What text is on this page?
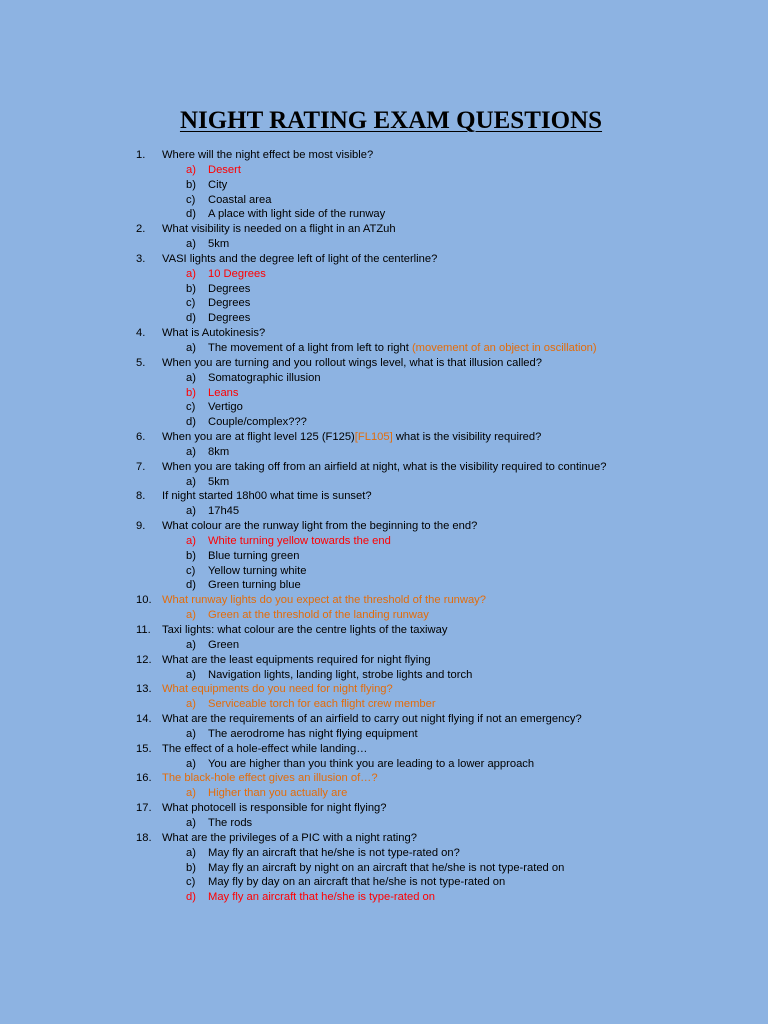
NIGHT RATING EXAM QUESTIONS
1.	Where will the night effect be most visible?
a) Desert
b) City
c) Coastal area
d) A place with light side of the runway
2.	What visibility is needed on a flight in an ATZuh
a) 5km
3.	VASI lights and the degree left of light of the centerline?
a) 10 Degrees
b) Degrees
c) Degrees
d) Degrees
4.	What is Autokinesis?
a) The movement of a light from left to right (movement of an object in oscillation)
5.	When you are turning and you rollout wings level, what is that illusion called?
a) Somatographic illusion
b) Leans
c) Vertigo
d) Couple/complex???
6.	When you are at flight level 125 (F125)[FL105] what is the visibility required?
a) 8km
7.	When you are taking off from an airfield at night, what is the visibility required to continue?
a) 5km
8.	If night started 18h00 what time is sunset?
a) 17h45
9.	What colour are the runway light from the beginning to the end?
a) White turning yellow towards the end
b) Blue turning green
c) Yellow turning white
d) Green turning blue
10. What runway lights do you expect at the threshold of the runway?
a) Green at the threshold of the landing runway
11.	Taxi lights: what colour are the centre lights of the taxiway
a) Green
12. What are the least equipments required for night flying
a) Navigation lights, landing light, strobe lights and torch
13. What equipments do you need for night flying?
a) Serviceable torch for each flight crew member
14. What are the requirements of an airfield to carry out night flying if not an emergency?
a) The aerodrome has night flying equipment
15. The effect of a hole-effect while landing…
a) You are higher than you think you are leading to a lower approach
16. The black-hole effect gives an illusion of…?
a) Higher than you actually are
17. What photocell is responsible for night flying?
a) The rods
18. What are the privileges of a PIC with a night rating?
a) May fly an aircraft that he/she is not type-rated on?
b) May fly an aircraft by night on an aircraft that he/she is not type-rated on
c) May fly by day on an aircraft that he/she is not type-rated on
d) May fly an aircraft that he/she is type-rated on
